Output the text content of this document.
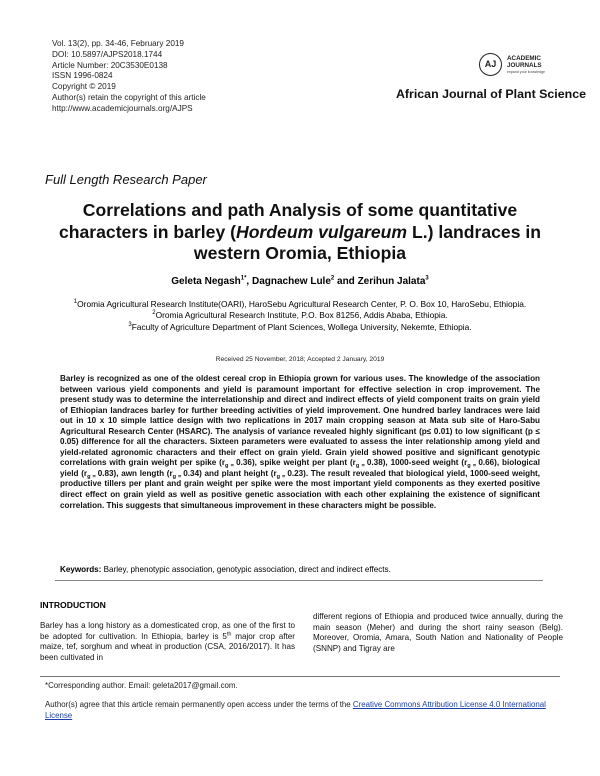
Vol. 13(2), pp. 34-46, February 2019
DOI: 10.5897/AJPS2018.1744
Article Number: 20C3530E0138
ISSN 1996-0824
Copyright © 2019
Author(s) retain the copyright of this article
http://www.academicjournals.org/AJPS
AJ
ACADEMIC
JOURNALS
expand your knowledge
African Journal of Plant Science
Full Length Research Paper
Correlations and path Analysis of some quantitative characters in barley (Hordeum vulgareum L.) landraces in western Oromia, Ethiopia
Geleta Negash$^{1*}$, Dagnachew Lule$^2$ and Zerihun Jalata$^3$
$^1$Oromia Agricultural Research Institute(OARI), HaroSebu Agricultural Research Center, P. O. Box 10, HaroSebu, Ethiopia.
$^2$Oromia Agricultural Research Institute, P.O. Box 81256, Addis Ababa, Ethiopia.
$^3$Faculty of Agriculture Department of Plant Sciences, Wollega University, Nekemte, Ethiopia.
Received 25 November, 2018; Accepted 2 January, 2019
Barley is recognized as one of the oldest cereal crop in Ethiopia grown for various uses. The knowledge of the association between various yield components and yield is paramount important for effective selection in crop improvement. The present study was to determine the interrelationship and direct and indirect effects of yield component traits on grain yield of Ethiopian landraces barley for further breeding activities of yield improvement. One hundred barley landraces were laid out in 10 x 10 simple lattice design with two replications in 2017 main cropping season at Mata sub site of Haro-Sabu Agricultural Research Center (HSARC). The analysis of variance revealed highly significant (p≤ 0.01) to low significant (p ≤ 0.05) difference for all the characters. Sixteen parameters were evaluated to assess the inter relationship among yield and yield-related agronomic characters and their effect on grain yield. Grain yield showed positive and significant genotypic correlations with grain weight per spike ($r_{g =}$ 0.36), spike weight per plant ($r_{g =}$ 0.38), 1000-seed weight ($r_{g =}$ 0.66), biological yield ($r_{g =}$ 0.83), awn length ($r_{g =}$ 0.34) and plant height ($r_{g =}$ 0.23). The result revealed that biological yield, 1000-seed weight, productive tillers per plant and grain weight per spike were the most important yield components as they exerted positive direct effect on grain yield as well as positive genetic association with each other explaining the existence of significant correlation. This suggests that simultaneous improvement in these characters might be possible.
Keywords: Barley, phenotypic association, genotypic association, direct and indirect effects.
INTRODUCTION
Barley has a long history as a domesticated crop, as one of the first to be adopted for cultivation. In Ethiopia, barley is 5th major crop after maize, tef, sorghum and wheat in production (CSA, 2016/2017). It has been cultivated in
different regions of Ethiopia and produced twice annually, during the main season (Meher) and during the short rainy season (Belg). Moreover, Oromia, Amara, South Nation and Nationality of People (SNNP) and Tigray are
*Corresponding author. Email: geleta2017@gmail.com.
Author(s) agree that this article remain permanently open access under the terms of the Creative Commons Attribution License 4.0 International License
